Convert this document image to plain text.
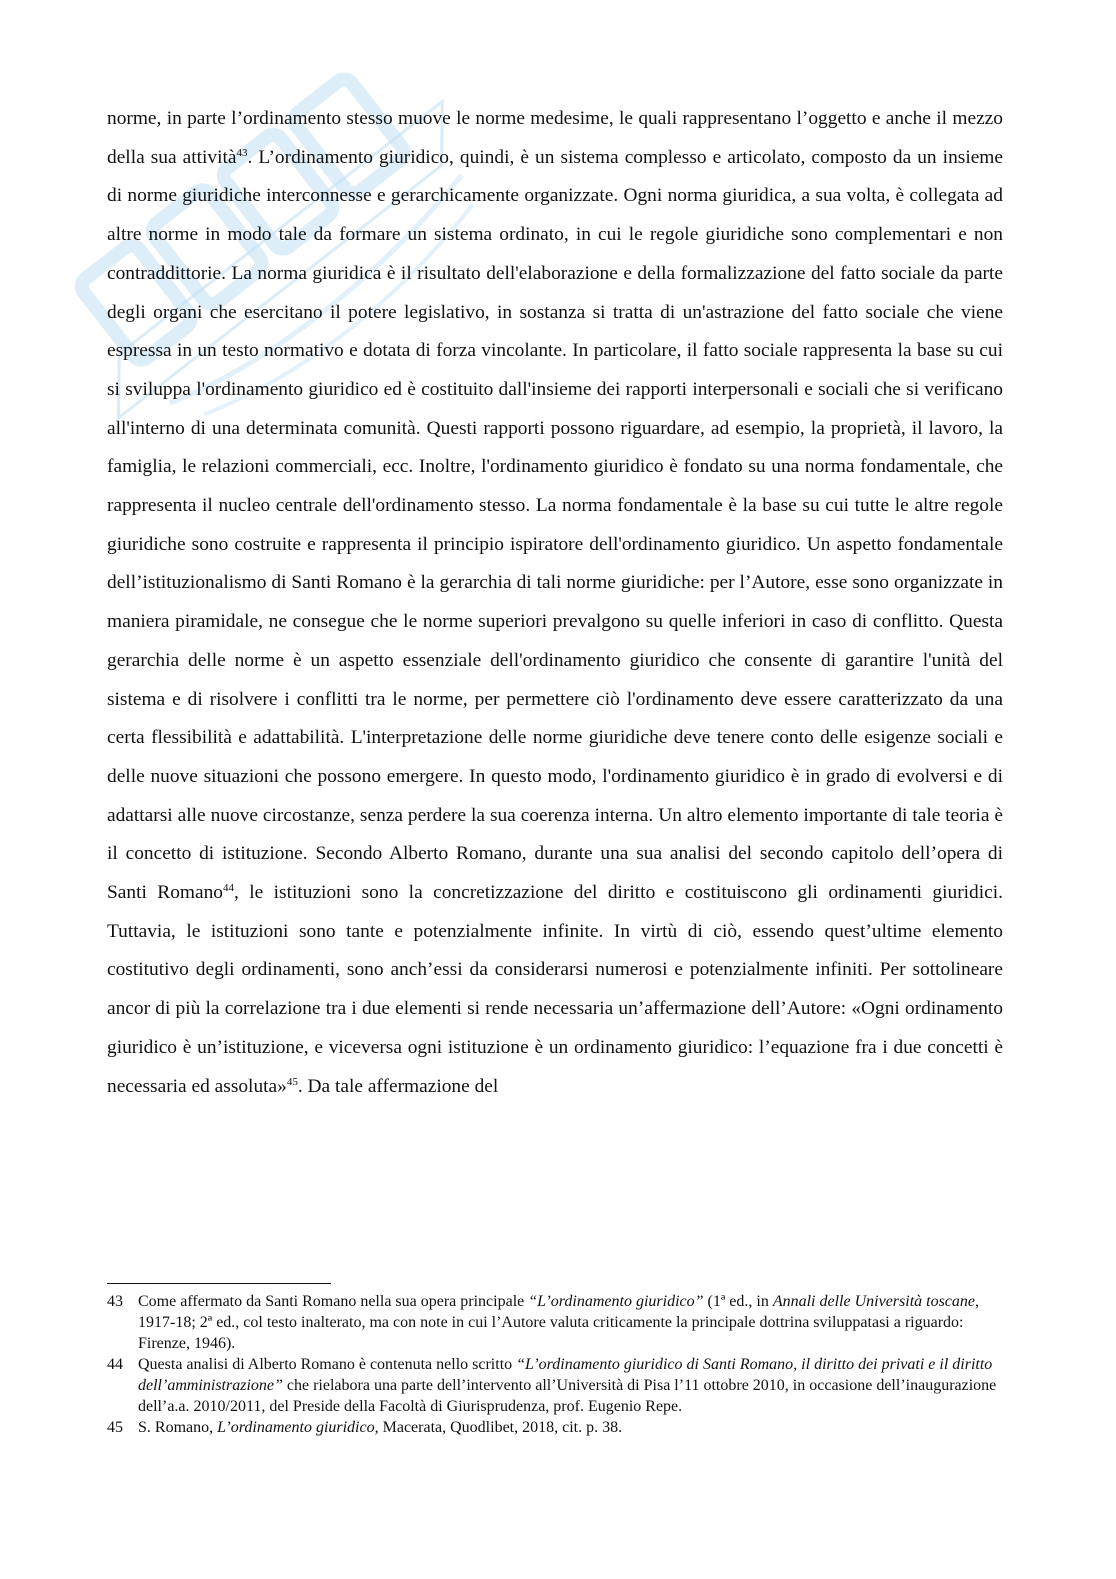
norme, in parte l’ordinamento stesso muove le norme medesime, le quali rappresentano l’oggetto e anche il mezzo della sua attività$^{43}$. L’ordinamento giuridico, quindi, è un sistema complesso e articolato, composto da un insieme di norme giuridiche interconnesse e gerarchicamente organizzate. Ogni norma giuridica, a sua volta, è collegata ad altre norme in modo tale da formare un sistema ordinato, in cui le regole giuridiche sono complementari e non contraddittorie. La norma giuridica è il risultato dell'elaborazione e della formalizzazione del fatto sociale da parte degli organi che esercitano il potere legislativo, in sostanza si tratta di un'astrazione del fatto sociale che viene espressa in un testo normativo e dotata di forza vincolante. In particolare, il fatto sociale rappresenta la base su cui si sviluppa l'ordinamento giuridico ed è costituito dall'insieme dei rapporti interpersonali e sociali che si verificano all'interno di una determinata comunità. Questi rapporti possono riguardare, ad esempio, la proprietà, il lavoro, la famiglia, le relazioni commerciali, ecc. Inoltre, l'ordinamento giuridico è fondato su una norma fondamentale, che rappresenta il nucleo centrale dell'ordinamento stesso. La norma fondamentale è la base su cui tutte le altre regole giuridiche sono costruite e rappresenta il principio ispiratore dell'ordinamento giuridico. Un aspetto fondamentale dell’istituzionalismo di Santi Romano è la gerarchia di tali norme giuridiche: per l’Autore, esse sono organizzate in maniera piramidale, ne consegue che le norme superiori prevalgono su quelle inferiori in caso di conflitto. Questa gerarchia delle norme è un aspetto essenziale dell'ordinamento giuridico che consente di garantire l'unità del sistema e di risolvere i conflitti tra le norme, per permettere ciò l'ordinamento deve essere caratterizzato da una certa flessibilità e adattabilità. L'interpretazione delle norme giuridiche deve tenere conto delle esigenze sociali e delle nuove situazioni che possono emergere. In questo modo, l'ordinamento giuridico è in grado di evolversi e di adattarsi alle nuove circostanze, senza perdere la sua coerenza interna. Un altro elemento importante di tale teoria è il concetto di istituzione. Secondo Alberto Romano, durante una sua analisi del secondo capitolo dell’opera di Santi Romano$^{44}$, le istituzioni sono la concretizzazione del diritto e costituiscono gli ordinamenti giuridici. Tuttavia, le istituzioni sono tante e potenzialmente infinite. In virtù di ciò, essendo quest’ultime elemento costitutivo degli ordinamenti, sono anch’essi da considerarsi numerosi e potenzialmente infiniti. Per sottolineare ancor di più la correlazione tra i due elementi si rende necessaria un’affermazione dell’Autore: «Ogni ordinamento giuridico è un’istituzione, e viceversa ogni istituzione è un ordinamento giuridico: l’equazione fra i due concetti è necessaria ed assoluta»$^{45}$. Da tale affermazione del

43 Come affermato da Santi Romano nella sua opera principale “L’ordinamento giuridico” (1ª ed., in Annali delle Università toscane, 1917-18; 2ª ed., col testo inalterato, ma con note in cui l’Autore valuta criticamente la principale dottrina sviluppatasi a riguardo: Firenze, 1946).
44 Questa analisi di Alberto Romano è contenuta nello scritto “L’ordinamento giuridico di Santi Romano, il diritto dei privati e il diritto dell’amministrazione” che rielabora una parte dell’intervento all’Università di Pisa l’11 ottobre 2010, in occasione dell’inaugurazione dell’a.a. 2010/2011, del Preside della Facoltà di Giurisprudenza, prof. Eugenio Repe.
45 S. Romano, L’ordinamento giuridico, Macerata, Quodlibet, 2018, cit. p. 38.
